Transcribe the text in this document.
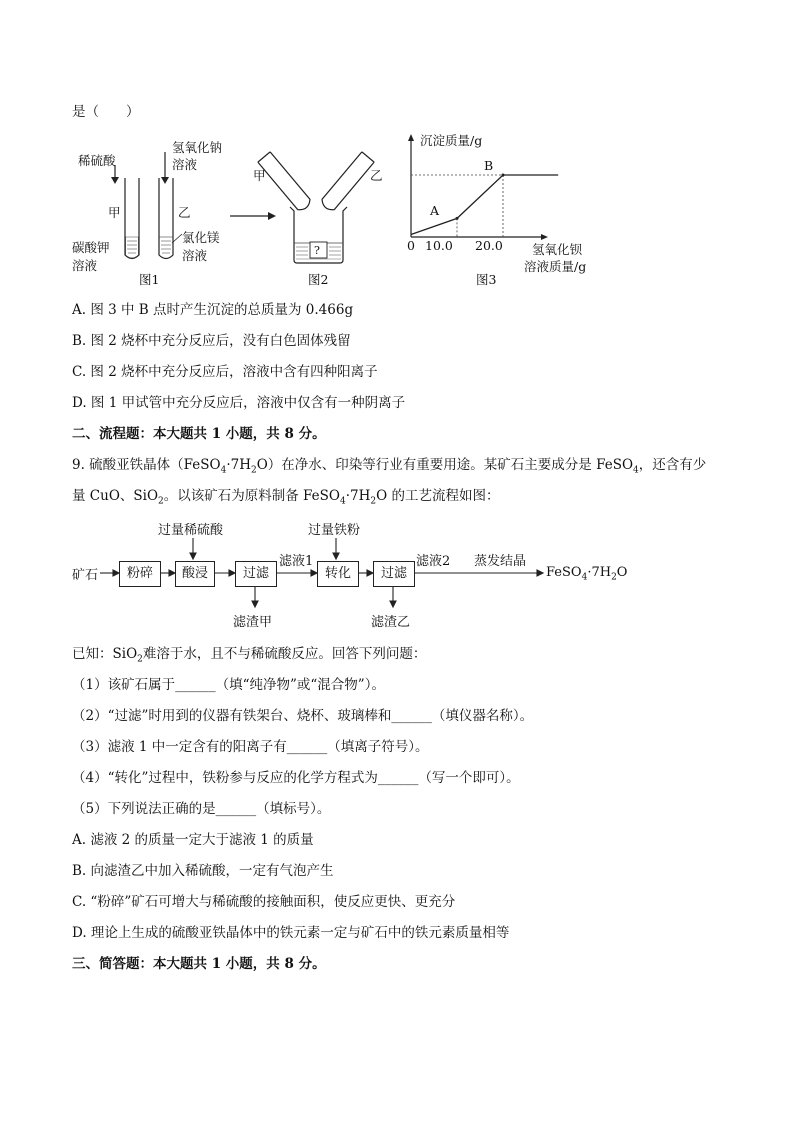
是（　　）
稀硫酸
氢氧化钠
溶液
甲	乙
碳酸钾
溶液
氯化镁
溶液
图1
甲	乙
图2
?
沉淀质量/g
氢氧化钡
溶液质量/g
0 10.0 20.0
A
B
图3
A. 图 3 中 B 点时产生沉淀的总质量为 0.466g
B. 图 2 烧杯中充分反应后，没有白色固体残留
C. 图 2 烧杯中充分反应后，溶液中含有四种阳离子
D. 图 1 甲试管中充分反应后，溶液中仅含有一种阴离子
二、流程题：本大题共 1 小题，共 8 分。
9. 硫酸亚铁晶体$(FeSO_4\cdot 7H_2O)$在净水、印染等行业有重要用途。某矿石主要成分是 FeSO$_4$，还含有少
量 CuO、SiO$_2$。以该矿石为原料制备 $FeSO_4\cdot 7H_2O$ 的工艺流程如图：
矿石	粉碎	酸浸	过滤	转化	过滤
过量稀硫酸	过量铁粉
滤液1	滤液2 蒸发结晶
$FeSO_4\cdot 7H_2O$
滤渣甲	滤渣乙
已知：SiO$_2$难溶于水，且不与稀硫酸反应。回答下列问题：
（1）该矿石属于______（填“纯净物”或“混合物”）。
（2）“过滤”时用到的仪器有铁架台、烧杯、玻璃棒和______（填仪器名称）。
（3）滤液 1 中一定含有的阳离子有______（填离子符号）。
（4）“转化”过程中，铁粉参与反应的化学方程式为______（写一个即可）。
（5）下列说法正确的是______（填标号）。
A. 滤液 2 的质量一定大于滤液 1 的质量
B. 向滤渣乙中加入稀硫酸，一定有气泡产生
C. “粉碎”矿石可增大与稀硫酸的接触面积，使反应更快、更充分
D. 理论上生成的硫酸亚铁晶体中的铁元素一定与矿石中的铁元素质量相等
三、简答题：本大题共 1 小题，共 8 分。
